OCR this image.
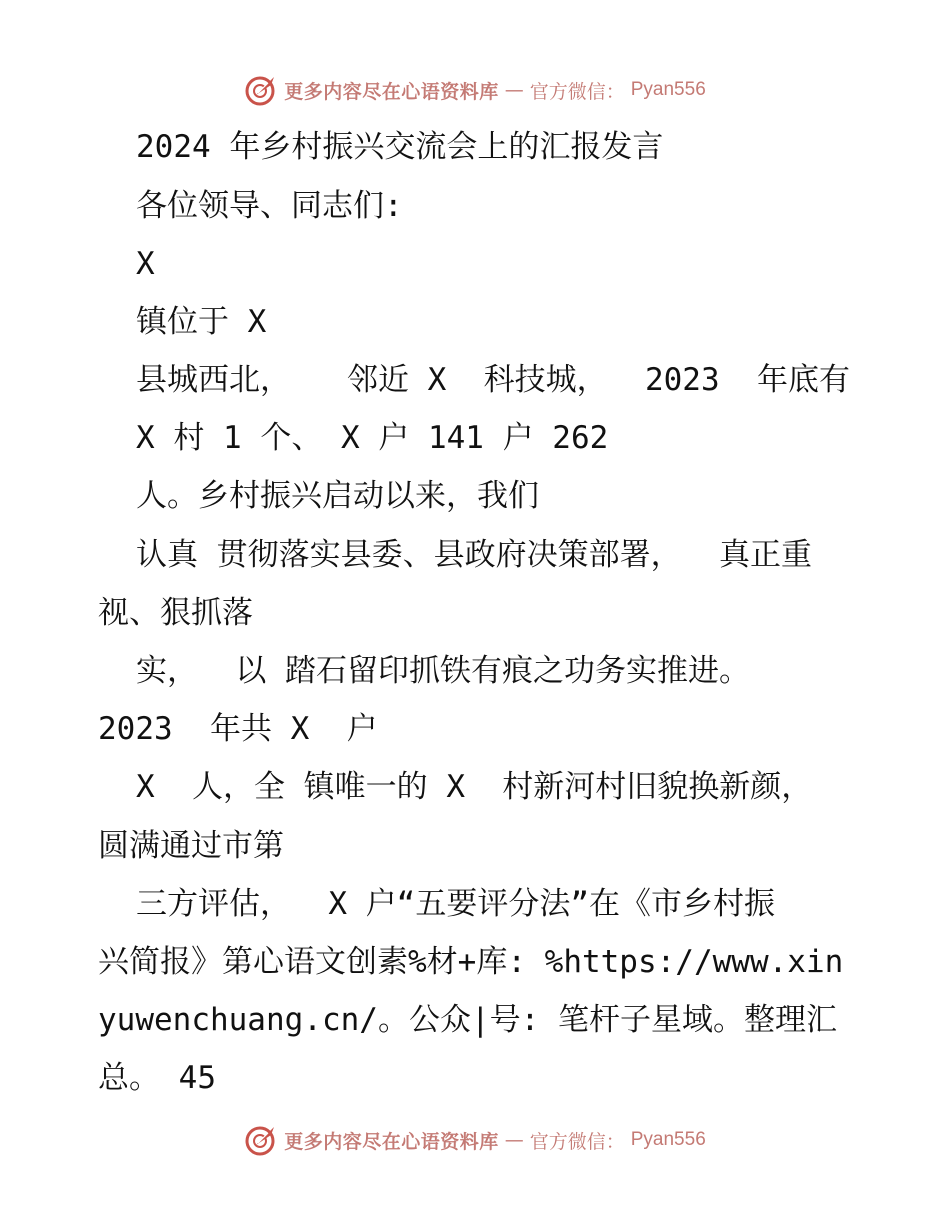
更多内容尽在心语资料库 — 官方微信： Pyan556
2024 年乡村振兴交流会上的汇报发言
各位领导、同志们:
X
镇位于 X
县城西北，   邻近 X  科技城，  2023  年底有
X 村 1 个、 X 户 141 户 262
人。乡村振兴启动以来，我们
认真 贯彻落实县委、县政府决策部署，  真正重
视、狠抓落
实，  以 踏石留印抓铁有痕之功务实推进。
2023  年共 X  户
X  人，全 镇唯一的 X  村新河村旧貌换新颜，
圆满通过市第
三方评估，  X 户“五要评分法”在《市乡村振
兴简报》第心语文创素%材+库: %https://www.xin
yuwenchuang.cn/。公众|号: 笔杆子星域。整理汇
总。 45
更多内容尽在心语资料库 — 官方微信： Pyan556
